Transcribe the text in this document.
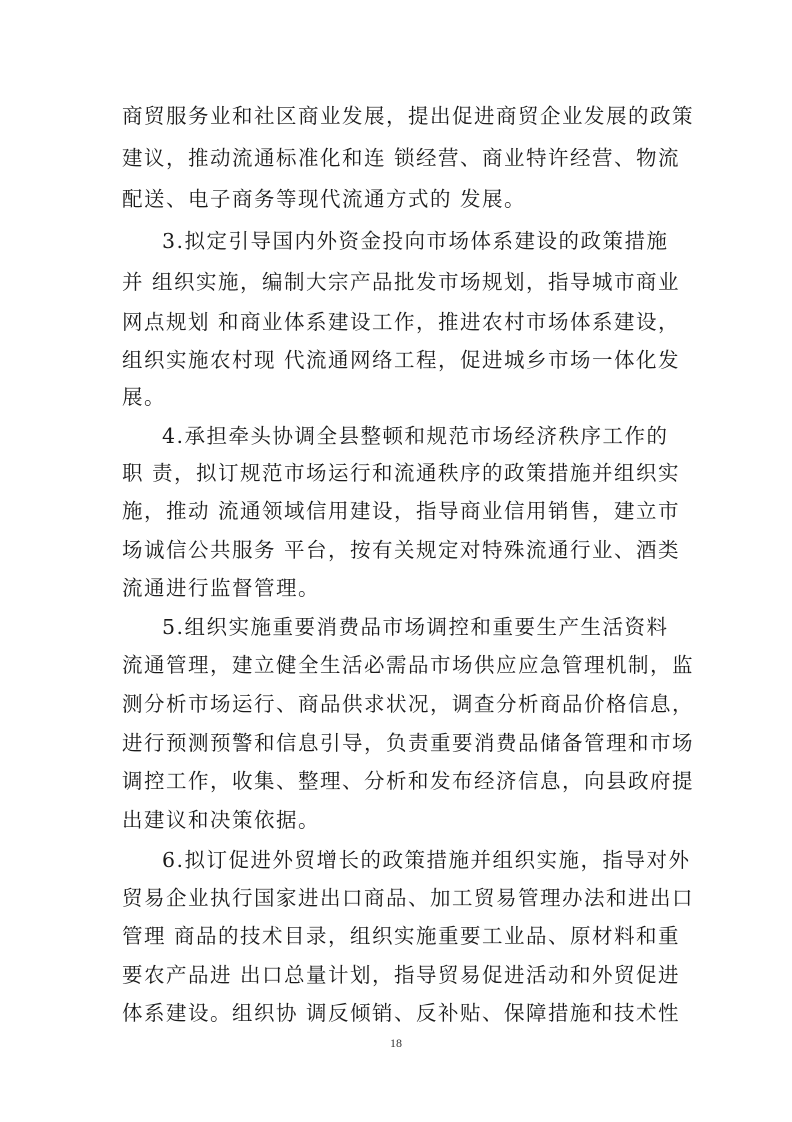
商贸服务业和社区商业发展，提出促进商贸企业发展的政策
建议，推动流通标准化和连 锁经营、商业特许经营、物流
配送、电子商务等现代流通方式的 发展。
3.拟定引导国内外资金投向市场体系建设的政策措施
并 组织实施，编制大宗产品批发市场规划，指导城市商业
网点规划 和商业体系建设工作，推进农村市场体系建设，
组织实施农村现 代流通网络工程，促进城乡市场一体化发
展。
4.承担牵头协调全县整顿和规范市场经济秩序工作的
职 责，拟订规范市场运行和流通秩序的政策措施并组织实
施，推动 流通领域信用建设，指导商业信用销售，建立市
场诚信公共服务 平台，按有关规定对特殊流通行业、酒类
流通进行监督管理。
5.组织实施重要消费品市场调控和重要生产生活资料
流通管理，建立健全生活必需品市场供应应急管理机制，监
测分析市场运行、商品供求状况，调查分析商品价格信息，
进行预测预警和信息引导，负责重要消费品储备管理和市场
调控工作，收集、整理、分析和发布经济信息，向县政府提
出建议和决策依据。
6.拟订促进外贸增长的政策措施并组织实施，指导对外
贸易企业执行国家进出口商品、加工贸易管理办法和进出口
管理 商品的技术目录，组织实施重要工业品、原材料和重
要农产品进 出口总量计划，指导贸易促进活动和外贸促进
体系建设。组织协 调反倾销、反补贴、保障措施和技术性
18
